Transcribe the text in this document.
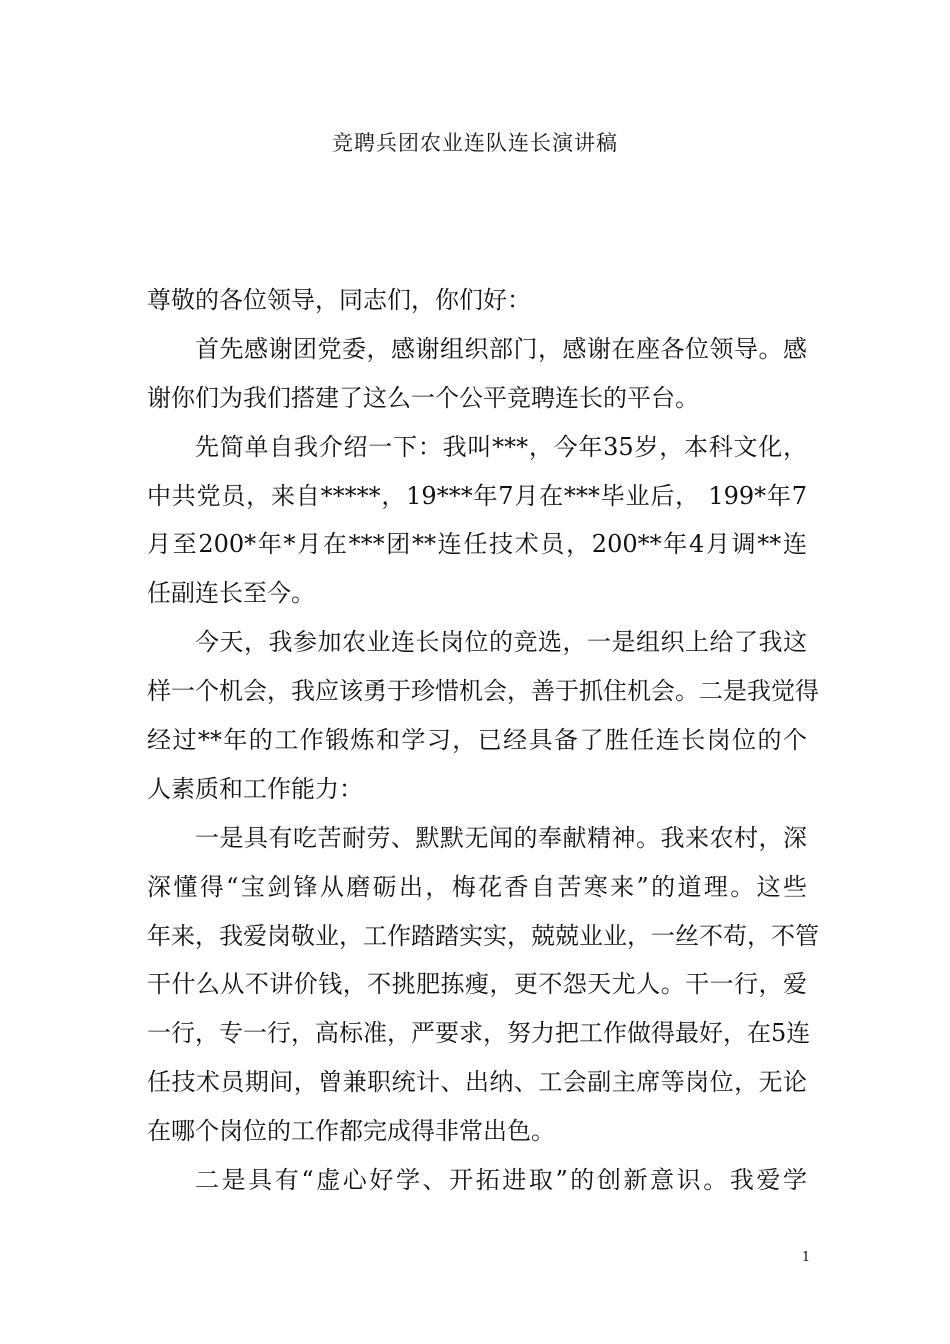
竞聘兵团农业连队连长演讲稿
尊敬的各位领导，同志们，你们好：
首先感谢团党委，感谢组织部门，感谢在座各位领导。感
谢你们为我们搭建了这么一个公平竞聘连长的平台。
先简单自我介绍一下：我叫***，今年35岁，本科文化，
中共党员，来自*****，19***年7月在***毕业后， 199*年7
月至200*年*月在***团**连任技术员，200**年4月调**连
任副连长至今。
今天，我参加农业连长岗位的竞选，一是组织上给了我这
样一个机会，我应该勇于珍惜机会，善于抓住机会。二是我觉得
经过**年的工作锻炼和学习，已经具备了胜任连长岗位的个
人素质和工作能力：
一是具有吃苦耐劳、默默无闻的奉献精神。我来农村，深
深懂得“宝剑锋从磨砺出，梅花香自苦寒来”的道理。这些
年来，我爱岗敬业，工作踏踏实实，兢兢业业，一丝不苟，不管
干什么从不讲价钱，不挑肥拣瘦，更不怨天尤人。干一行，爱
一行，专一行，高标准，严要求，努力把工作做得最好，在5连
任技术员期间，曾兼职统计、出纳、工会副主席等岗位，无论
在哪个岗位的工作都完成得非常出色。
二是具有“虚心好学、开拓进取”的创新意识。我爱学
1
